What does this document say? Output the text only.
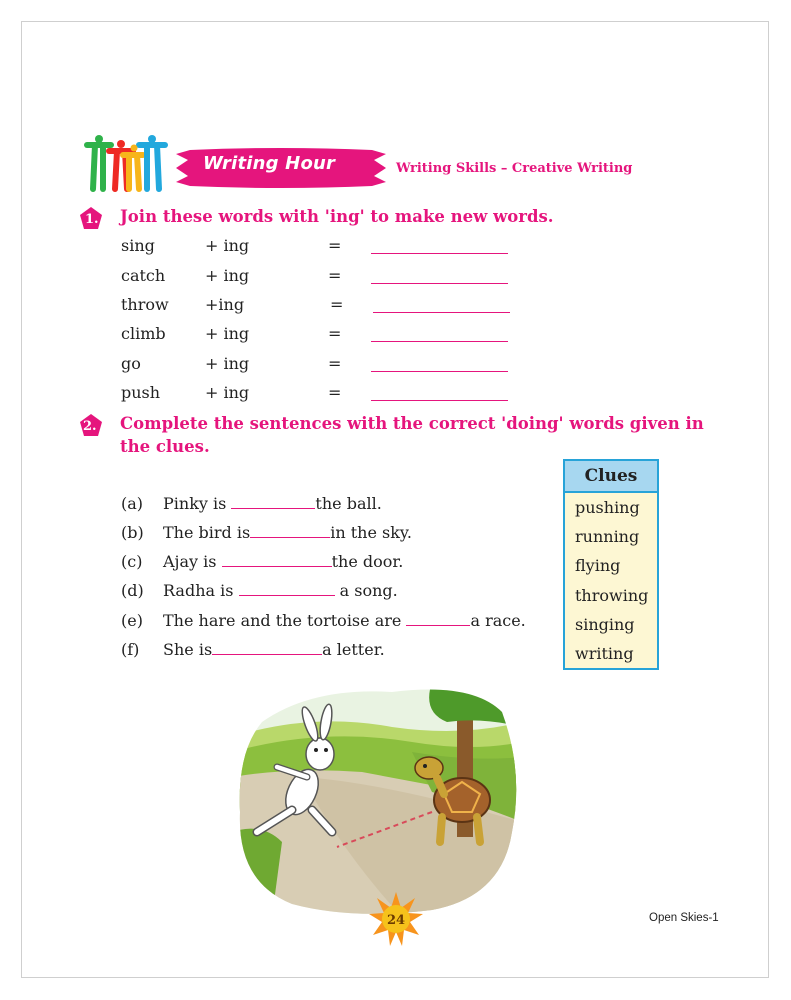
Writing Hour	Writing Skills – Creative Writing
1. Join these words with 'ing' to make new words.
sing	+ ing	=
catch + ing	=
throw +ing	=
climb + ing	=
go	+ ing	=
push	+ ing	=
2. Complete the sentences with the correct 'doing' words given in
the clues.
(a) Pinky is	the ball.
(b) The bird is	in the sky.
(c) Ajay is	the door.
(d) Radha is	a song.
(e) The hare and the tortoise are	a race.
(f) She is	a letter.
Clues
pushing
running
flying
throwing
singing
writing
24	Open Skies-1
